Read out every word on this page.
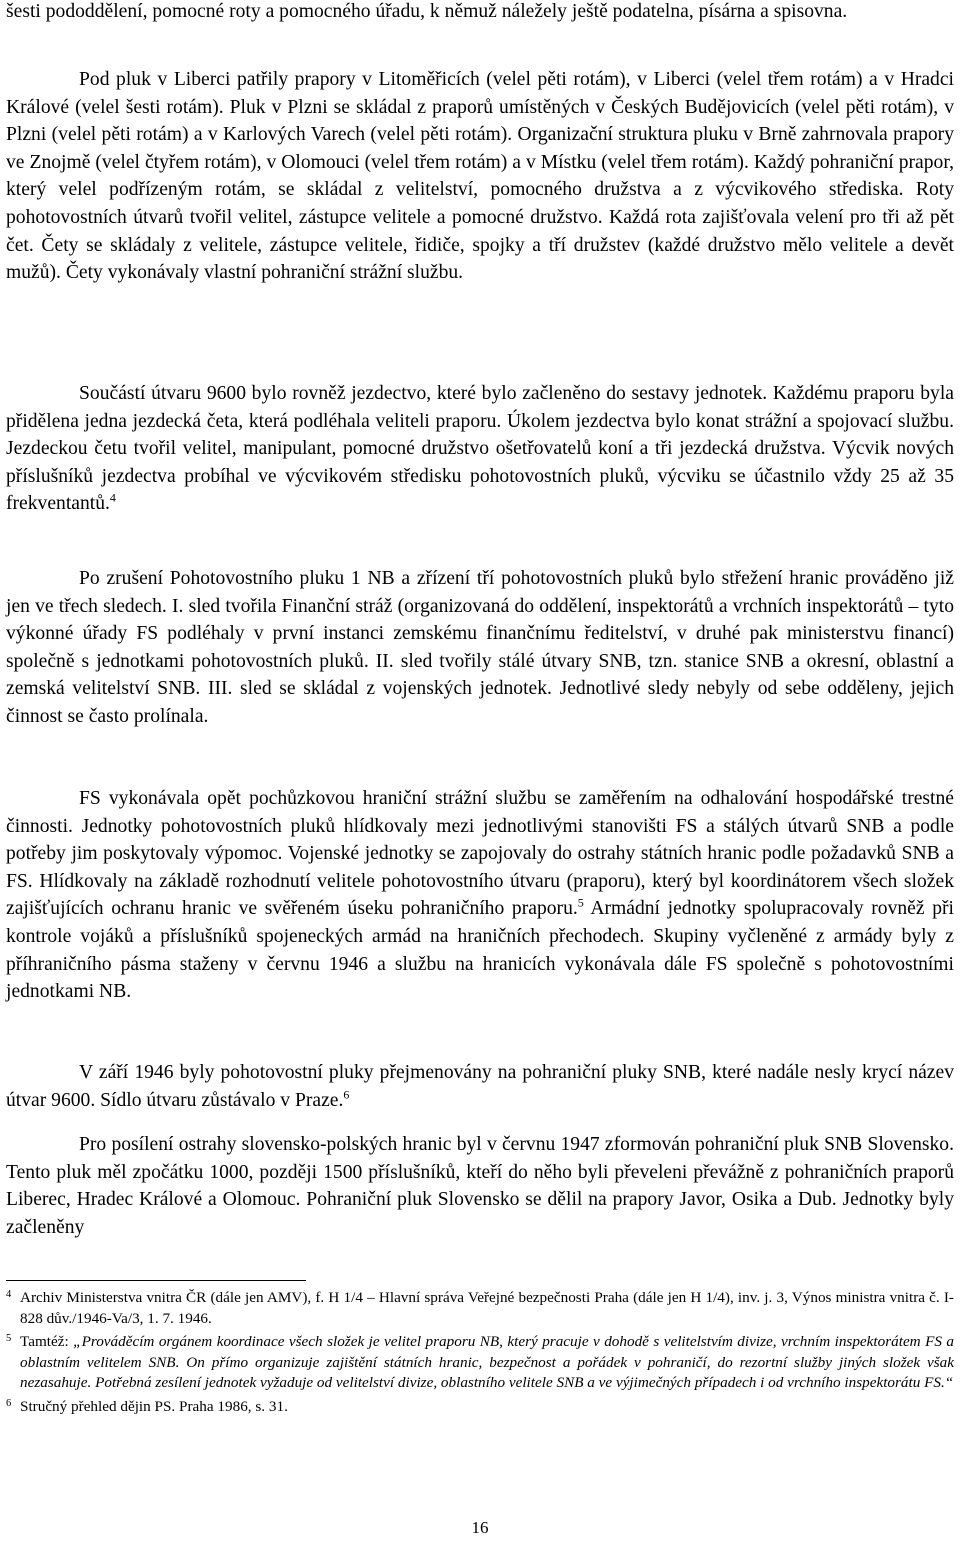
šesti pododdělení, pomocné roty a pomocného úřadu, k němuž náležely ještě podatelna, písárna a spisovna.

Pod pluk v Liberci patřily prapory v Litoměřicích (velel pěti rotám), v Liberci (velel třem rotám) a v Hradci Králové (velel šesti rotám). Pluk v Plzni se skládal z praporů umístěných v Českých Budějovicích (velel pěti rotám), v Plzni (velel pěti rotám) a v Karlových Varech (velel pěti rotám). Organizační struktura pluku v Brně zahrnovala prapory ve Znojmě (velel čtyřem rotám), v Olomouci (velel třem rotám) a v Místku (velel třem rotám). Každý pohraniční prapor, který velel podřízeným rotám, se skládal z velitelství, pomocného družstva a z výcvikového střediska. Roty pohotovostních útvarů tvořil velitel, zástupce velitele a pomocné družstvo. Každá rota zajišťovala velení pro tři až pět čet. Čety se skládaly z velitele, zástupce velitele, řidiče, spojky a tří družstev (každé družstvo mělo velitele a devět mužů). Čety vykonávaly vlastní pohraniční strážní službu.

Součástí útvaru 9600 bylo rovněž jezdectvo, které bylo začleněno do sestavy jednotek. Každému praporu byla přidělena jedna jezdecká četa, která podléhala veliteli praporu. Úkolem jezdectva bylo konat strážní a spojovací službu. Jezdeckou četu tvořil velitel, manipulant, pomocné družstvo ošetřovatelů koní a tři jezdecká družstva. Výcvik nových příslušníků jezdectva probíhal ve výcvikovém středisku pohotovostních pluků, výcviku se účastnilo vždy 25 až 35 frekventantů.$^4$

Po zrušení Pohotovostního pluku 1 NB a zřízení tří pohotovostních pluků bylo střežení hranic prováděno již jen ve třech sledech. I. sled tvořila Finanční stráž (organizovaná do oddělení, inspektorátů a vrchních inspektorátů – tyto výkonné úřady FS podléhaly v první instanci zemskému finančnímu ředitelství, v druhé pak ministerstvu financí) společně s jednotkami pohotovostních pluků. II. sled tvořily stálé útvary SNB, tzn. stanice SNB a okresní, oblastní a zemská velitelství SNB. III. sled se skládal z vojenských jednotek. Jednotlivé sledy nebyly od sebe odděleny, jejich činnost se často prolínala.

FS vykonávala opět pochůzkovou hraniční strážní službu se zaměřením na odhalování hospodářské trestné činnosti. Jednotky pohotovostních pluků hlídkovaly mezi jednotlivými stanovišti FS a stálých útvarů SNB a podle potřeby jim poskytovaly výpomoc. Vojenské jednotky se zapojovaly do ostrahy státních hranic podle požadavků SNB a FS. Hlídkovaly na základě rozhodnutí velitele pohotovostního útvaru (praporu), který byl koordinátorem všech složek zajišťujících ochranu hranic ve svěřeném úseku pohraničního praporu.$^5$ Armádní jednotky spolupracovaly rovněž při kontrole vojáků a příslušníků spojeneckých armád na hraničních přechodech. Skupiny vyčleněné z armády byly z příhraničního pásma staženy v červnu 1946 a službu na hranicích vykonávala dále FS společně s pohotovostními jednotkami NB.

V září 1946 byly pohotovostní pluky přejmenovány na pohraniční pluky SNB, které nadále nesly krycí název útvar 9600. Sídlo útvaru zůstávalo v Praze.$^6$

Pro posílení ostrahy slovensko-polských hranic byl v červnu 1947 zformován pohraniční pluk SNB Slovensko. Tento pluk měl zpočátku 1000, později 1500 příslušníků, kteří do něho byli převeleni převážně z pohraničních praporů Liberec, Hradec Králové a Olomouc. Pohraniční pluk Slovensko se dělil na prapory Javor, Osika a Dub. Jednotky byly začleněny

4 Archiv Ministerstva vnitra ČR (dále jen AMV), f. H 1/4 – Hlavní správa Veřejné bezpečnosti Praha (dále jen H 1/4), inv. j. 3, Výnos ministra vnitra č. I-828 dův./1946-Va/3, 1. 7. 1946.

5 Tamtéž: „Prováděcím orgánem koordinace všech složek je velitel praporu NB, který pracuje v dohodě s velitelstvím divize, vrchním inspektorátem FS a oblastním velitelem SNB. On přímo organizuje zajištění státních hranic, bezpečnost a pořádek v pohraničí, do rezortní služby jiných složek však nezasahuje. Potřebná zesílení jednotek vyžaduje od velitelství divize, oblastního velitele SNB a ve výjimečných případech i od vrchního inspektorátu FS.“

6 Stručný přehled dějin PS. Praha 1986, s. 31.

16
